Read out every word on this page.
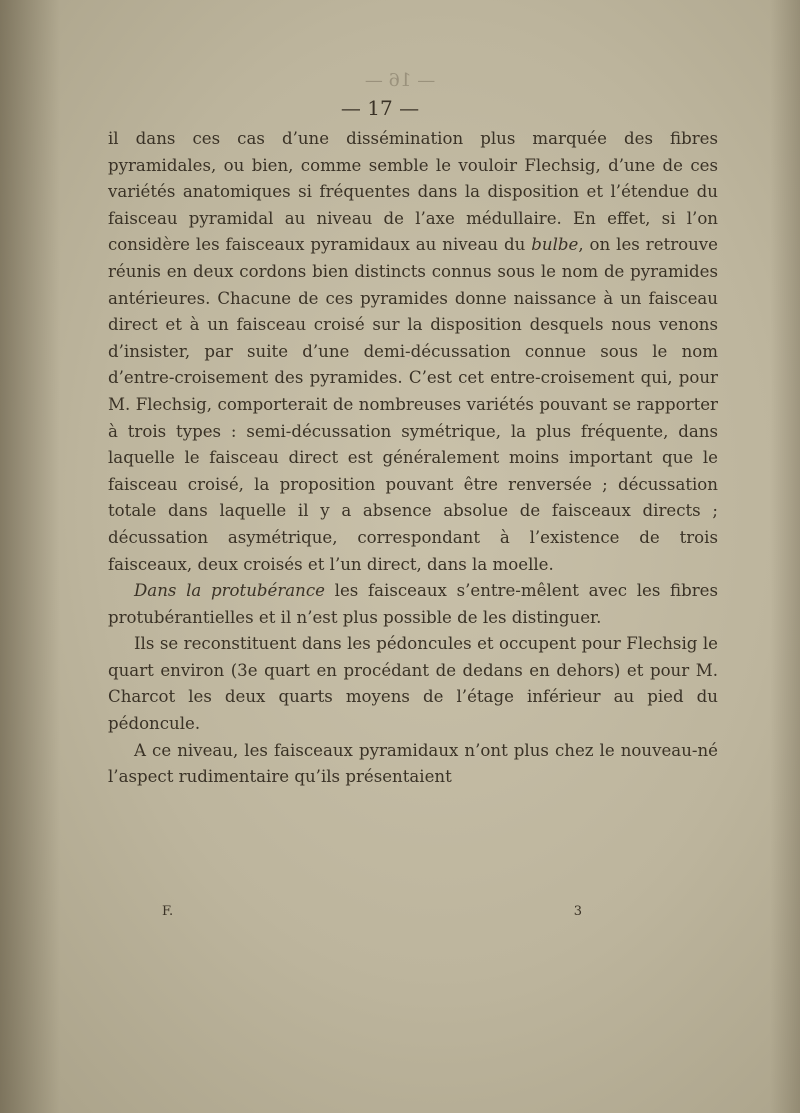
— 16 —
— 17 —

il dans ces cas d’une dissémination plus marquée des fibres pyramidales, ou bien, comme semble le vouloir Flechsig, d’une de ces variétés anatomiques si fréquentes dans la disposition et l’étendue du faisceau pyramidal au niveau de l’axe médullaire. En effet, si l’on considère les faisceaux pyramidaux au niveau du bulbe, on les retrouve réunis en deux cordons bien distincts connus sous le nom de pyramides antérieures. Chacune de ces pyramides donne naissance à un faisceau direct et à un faisceau croisé sur la disposition desquels nous venons d’insister, par suite d’une demi-décussation connue sous le nom d’entre-croisement des pyramides. C’est cet entre-croisement qui, pour M. Flechsig, comporterait de nombreuses variétés pouvant se rapporter à trois types : semi-décussation symétrique, la plus fréquente, dans laquelle le faisceau direct est généralement moins important que le faisceau croisé, la proposition pouvant être renversée ; décussation totale dans laquelle il y a absence absolue de faisceaux directs ; décussation asymétrique, correspondant à l’existence de trois faisceaux, deux croisés et l’un direct, dans la moelle.

Dans la protubérance les faisceaux s’entre-mêlent avec les fibres protubérantielles et il n’est plus possible de les distinguer.

Ils se reconstituent dans les pédoncules et occupent pour Flechsig le quart environ (3e quart en procédant de dedans en dehors) et pour M. Charcot les deux quarts moyens de l’étage inférieur au pied du pédoncule.

A ce niveau, les faisceaux pyramidaux n’ont plus chez le nouveau-né l’aspect rudimentaire qu’ils présentaient

F.	3
